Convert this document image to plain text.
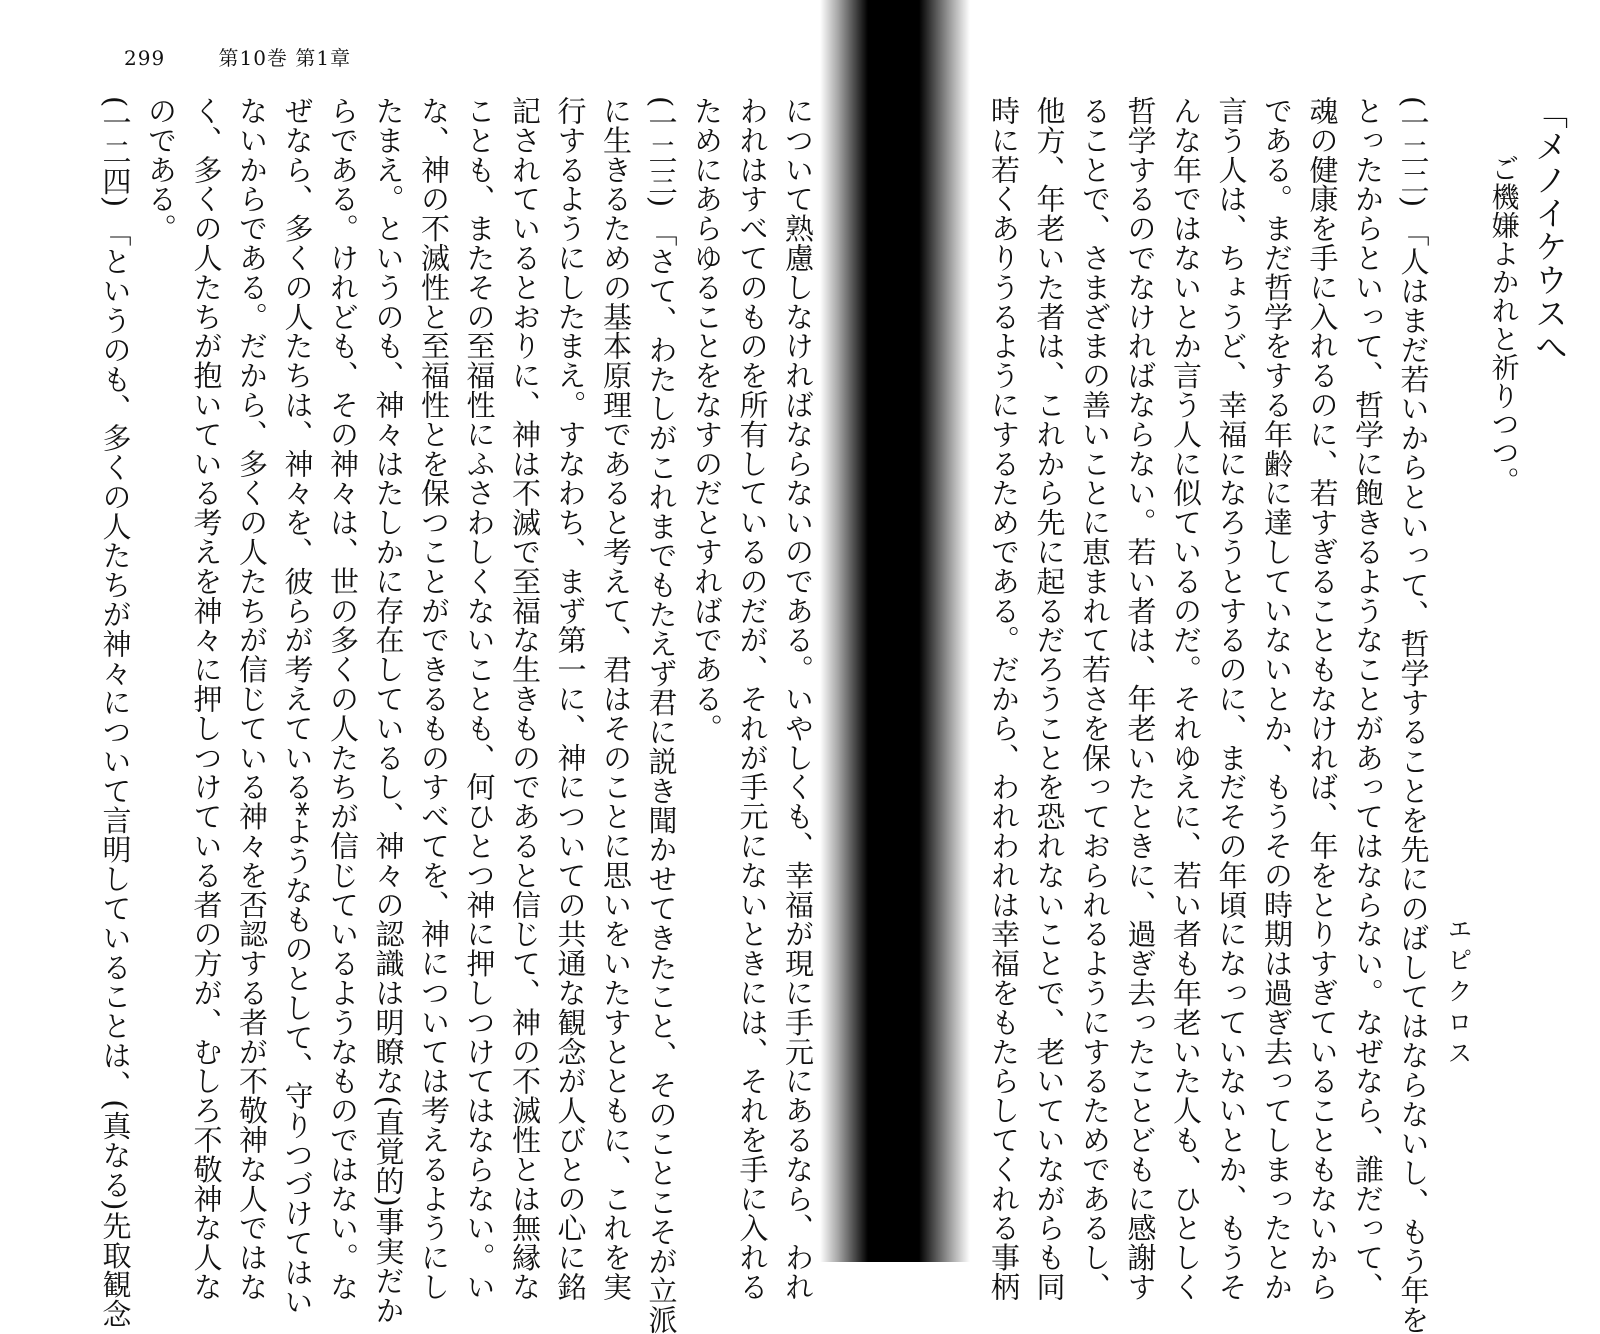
「メノイケウスへ
ご機嫌よかれと祈りつつ。
エピクロス
(一二二) 「人はまだ若いからといって、哲学することを先にのばしてはならないし、もう年を
とったからといって、哲学に飽きるようなことがあってはならない。なぜなら、誰だって、
魂の健康を手に入れるのに、若すぎることもなければ、年をとりすぎていることもないから
である。まだ哲学をする年齢に達していないとか、もうその時期は過ぎ去ってしまったとか
言う人は、ちょうど、幸福になろうとするのに、まだその年頃になっていないとか、もうそ
んな年ではないとか言う人に似ているのだ。それゆえに、若い者も年老いた人も、ひとしく
哲学するのでなければならない。若い者は、年老いたときに、過ぎ去ったことどもに感謝す
ることで、さまざまの善いことに恵まれて若さを保っておられるようにするためであるし、
他方、年老いた者は、これから先に起るだろうことを恐れないことで、老いていながらも同
時に若くありうるようにするためである。だから、われわれは幸福をもたらしてくれる事柄
299	第10巻 第1章
について熟慮しなければならないのである。いやしくも、幸福が現に手元にあるなら、われ
われはすべてのものを所有しているのだが、それが手元にないときには、それを手に入れる
ためにあらゆることをなすのだとすればである。
(一二三) 「さて、わたしがこれまでもたえず君に説き聞かせてきたこと、そのことこそが立派
に生きるための基本原理であると考えて、君はそのことに思いをいたすとともに、これを実
行するようにしたまえ。すなわち、まず第一に、神についての共通な観念が人びとの心に銘
記されているとおりに、神は不滅で至福な生きものであると信じて、神の不滅性とは無縁な
ことも、またその至福性にふさわしくないことも、何ひとつ神に押しつけてはならない。い
な、神の不滅性と至福性とを保つことができるものすべてを、神については考えるようにし
たまえ。というのも、神々はたしかに存在しているし、神々の認識は明瞭な(直覚的)事実だか
らである。けれども、その神々は、世の多くの人たちが信じているようなものではない。な
ぜなら、多くの人たちは、神々を、彼らが考えている*ようなものとして、守りつづけてはい
ないからである。だから、多くの人たちが信じている神々を否認する者が不敬神な人ではな
く、多くの人たちが抱いている考えを神々に押しつけている者の方が、むしろ不敬神な人な
のである。
(一二四) 「というのも、多くの人たちが神々について言明していることは、(真なる)先取観念
